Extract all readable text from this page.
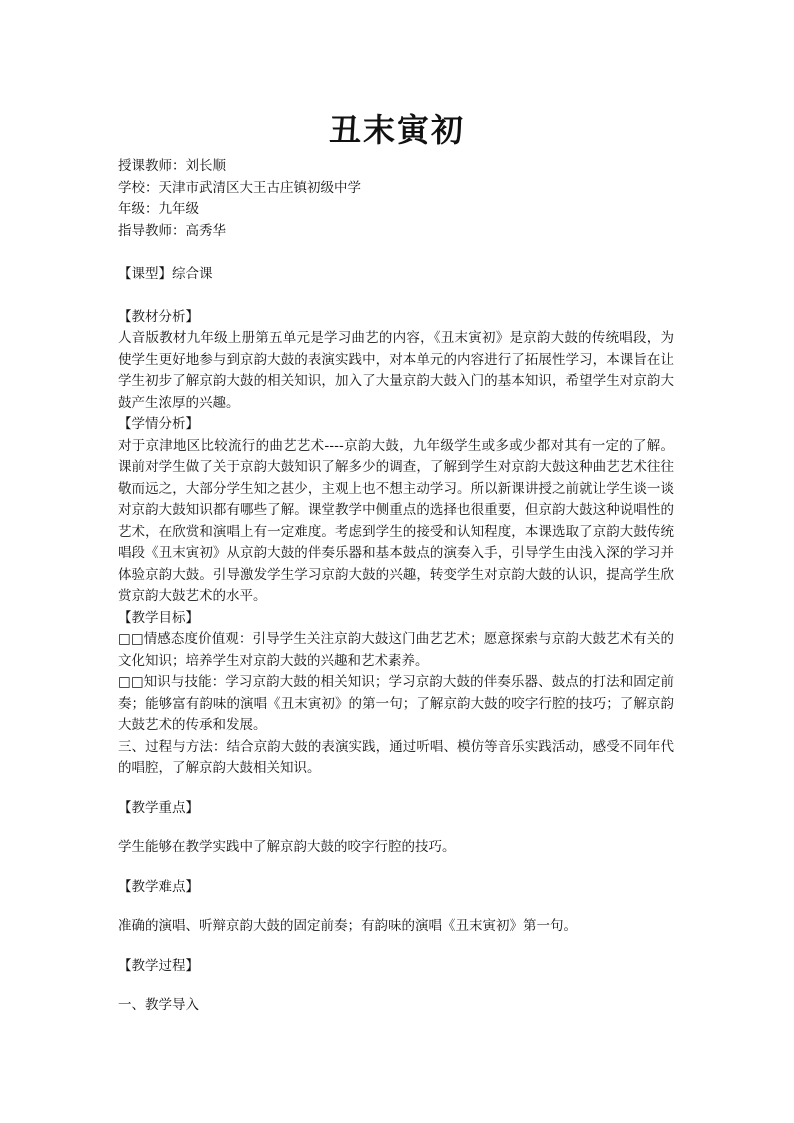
丑末寅初

授课教师：刘长顺

学校：天津市武清区大王古庄镇初级中学

年级：九年级

指导教师：高秀华

【课型】综合课

【教材分析】

人音版教材九年级上册第五单元是学习曲艺的内容，《丑末寅初》是京韵大鼓的传统唱段，为使学生更好地参与到京韵大鼓的表演实践中，对本单元的内容进行了拓展性学习，本课旨在让学生初步了解京韵大鼓的相关知识，加入了大量京韵大鼓入门的基本知识，希望学生对京韵大鼓产生浓厚的兴趣。

【学情分析】

对于京津地区比较流行的曲艺艺术----京韵大鼓，九年级学生或多或少都对其有一定的了解。课前对学生做了关于京韵大鼓知识了解多少的调查，了解到学生对京韵大鼓这种曲艺艺术往往敬而远之，大部分学生知之甚少，主观上也不想主动学习。所以新课讲授之前就让学生谈一谈对京韵大鼓知识都有哪些了解。课堂教学中侧重点的选择也很重要，但京韵大鼓这种说唱性的艺术，在欣赏和演唱上有一定难度。考虑到学生的接受和认知程度，本课选取了京韵大鼓传统唱段《丑末寅初》从京韵大鼓的伴奏乐器和基本鼓点的演奏入手，引导学生由浅入深的学习并体验京韵大鼓。引导激发学生学习京韵大鼓的兴趣，转变学生对京韵大鼓的认识，提高学生欣赏京韵大鼓艺术的水平。

【教学目标】

□□情感态度价值观：引导学生关注京韵大鼓这门曲艺艺术；愿意探索与京韵大鼓艺术有关的文化知识；培养学生对京韵大鼓的兴趣和艺术素养。

□□知识与技能：学习京韵大鼓的相关知识；学习京韵大鼓的伴奏乐器、鼓点的打法和固定前奏；能够富有韵味的演唱《丑末寅初》的第一句；了解京韵大鼓的咬字行腔的技巧；了解京韵大鼓艺术的传承和发展。

三、过程与方法：结合京韵大鼓的表演实践，通过听唱、模仿等音乐实践活动，感受不同年代的唱腔，了解京韵大鼓相关知识。

【教学重点】

学生能够在教学实践中了解京韵大鼓的咬字行腔的技巧。

【教学难点】

准确的演唱、听辩京韵大鼓的固定前奏；有韵味的演唱《丑末寅初》第一句。

【教学过程】

一、教学导入
